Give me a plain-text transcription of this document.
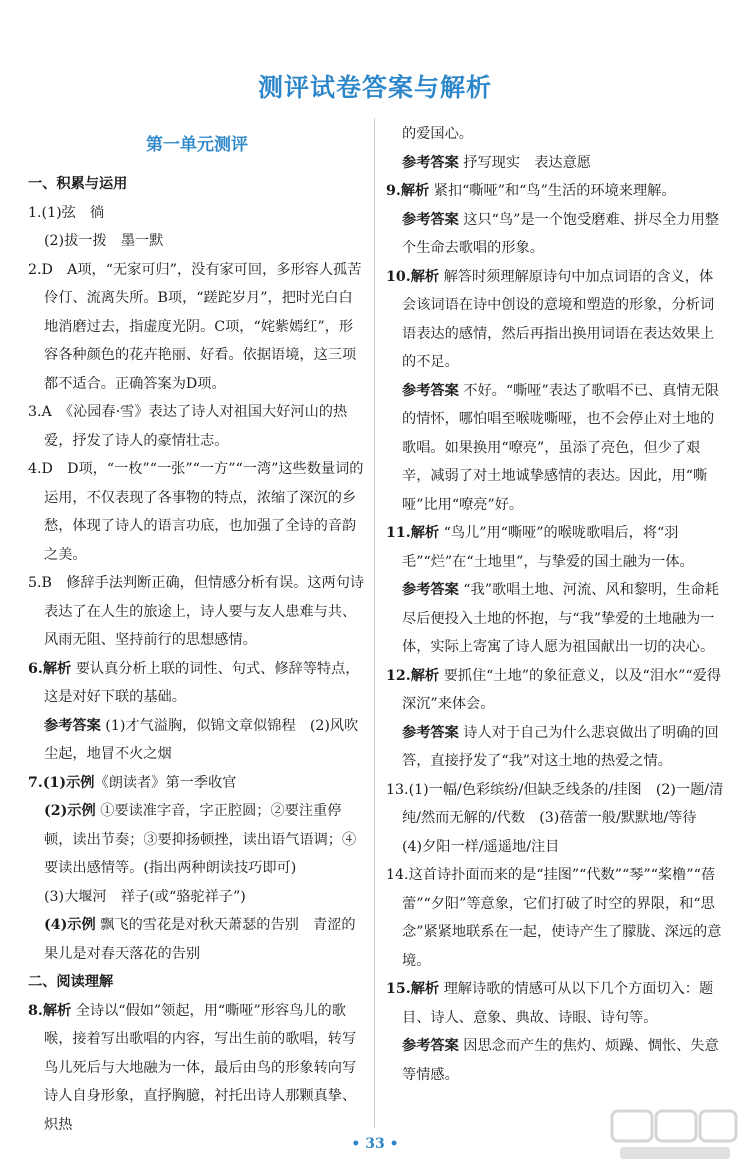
测评试卷答案与解析
第一单元测评
一、积累与运用

1.(1)弦　徜

(2)拔一拨　墨一默

2.D　A项，“无家可归”，没有家可回，多形容人孤苦伶仃、流离失所。B项，“蹉跎岁月”，把时光白白地消磨过去，指虚度光阴。C项，“姹紫嫣红”，形容各种颜色的花卉艳丽、好看。依据语境，这三项都不适合。正确答案为D项。

3.A　《沁园春·雪》表达了诗人对祖国大好河山的热爱，抒发了诗人的豪情壮志。

4.D　D项，“一枚”“一张”“一方”“一湾”这些数量词的运用，不仅表现了各事物的特点，浓缩了深沉的乡愁，体现了诗人的语言功底，也加强了全诗的音韵之美。

5.B　修辞手法判断正确，但情感分析有误。这两句诗表达了在人生的旅途上，诗人要与友人患难与共、风雨无阻、坚持前行的思想感情。

6.解析 要认真分析上联的词性、句式、修辞等特点，这是对好下联的基础。

参考答案 (1)才气溢胸，似锦文章似锦程　(2)风吹尘起，地冒不火之烟

7.(1)示例《朗读者》第一季收官

(2)示例 ①要读准字音，字正腔圆；②要注重停顿，读出节奏；③要抑扬顿挫，读出语气语调；④要读出感情等。(指出两种朗读技巧即可)

(3)大堰河　祥子(或“骆驼祥子”)

(4)示例 飘飞的雪花是对秋天萧瑟的告别　青涩的果儿是对春天落花的告别

二、阅读理解

8.解析 全诗以“假如”领起，用“嘶哑”形容鸟儿的歌喉，接着写出歌唱的内容，写出生前的歌唱，转写鸟儿死后与大地融为一体，最后由鸟的形象转向写诗人自身形象，直抒胸臆，衬托出诗人那颗真挚、炽热

的爱国心。

参考答案 抒写现实　表达意愿

9.解析 紧扣“嘶哑”和“鸟”生活的环境来理解。

参考答案 这只“鸟”是一个饱受磨难、拼尽全力用整个生命去歌唱的形象。

10.解析 解答时须理解原诗句中加点词语的含义，体会该词语在诗中创设的意境和塑造的形象，分析词语表达的感情，然后再指出换用词语在表达效果上的不足。

参考答案 不好。“嘶哑”表达了歌唱不已、真情无限的情怀，哪怕唱至喉咙嘶哑，也不会停止对土地的歌唱。如果换用“嘹亮”，虽添了亮色，但少了艰辛，减弱了对土地诚挚感情的表达。因此，用“嘶哑”比用“嘹亮”好。

11.解析 “鸟儿”用“嘶哑”的喉咙歌唱后，将“羽毛”“烂”在“土地里”，与挚爱的国土融为一体。

参考答案 “我”歌唱土地、河流、风和黎明，生命耗尽后便投入土地的怀抱，与“我”挚爱的土地融为一体，实际上寄寓了诗人愿为祖国献出一切的决心。

12.解析 要抓住“土地”的象征意义，以及“泪水”“爱得深沉”来体会。

参考答案 诗人对于自己为什么悲哀做出了明确的回答，直接抒发了“我”对这土地的热爱之情。

13.(1)一幅/色彩缤纷/但缺乏线条的/挂图　(2)一题/清纯/然而无解的/代数　(3)蓓蕾一般/默默地/等待　(4)夕阳一样/遥遥地/注目

14.这首诗扑面而来的是“挂图”“代数”“琴”“桨橹”“蓓蕾”“夕阳”等意象，它们打破了时空的界限，和“思念”紧紧地联系在一起，使诗产生了朦胧、深远的意境。

15.解析 理解诗歌的情感可从以下几个方面切入：题目、诗人、意象、典故、诗眼、诗句等。

参考答案 因思念而产生的焦灼、烦躁、惆怅、失意等情感。

• 33 •
